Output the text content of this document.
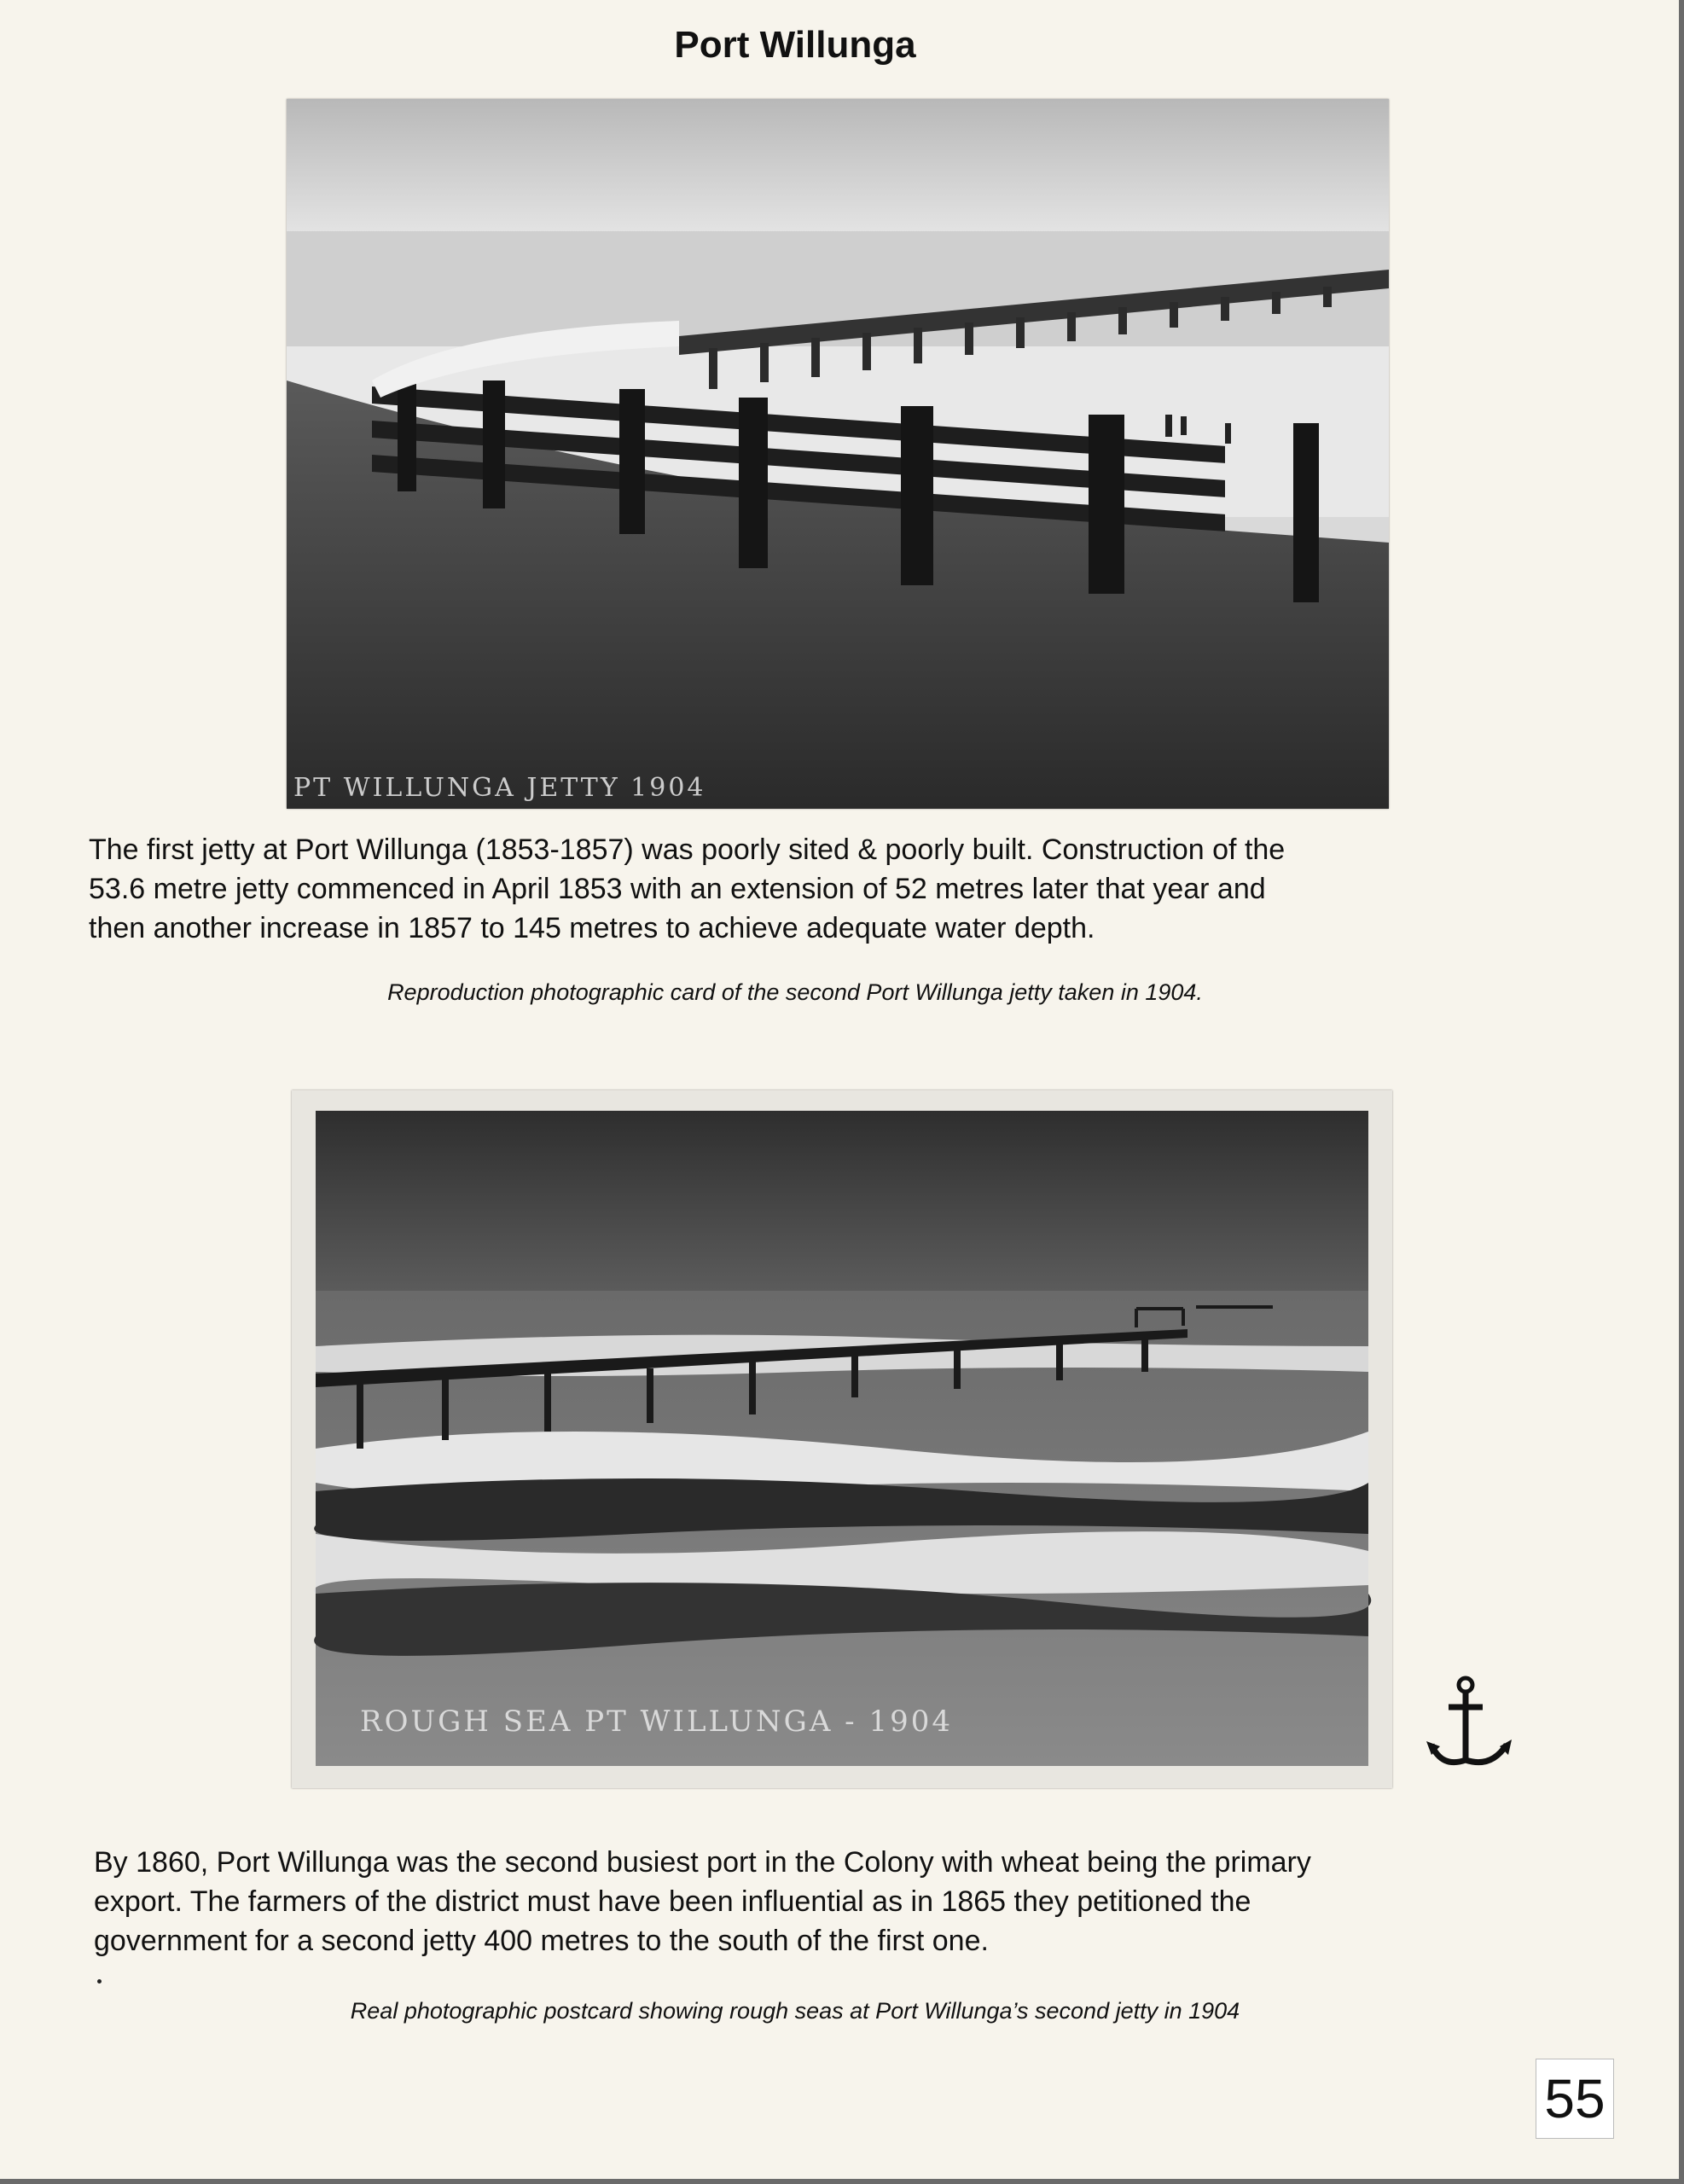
Port Willunga
PT WILLUNGA JETTY 1904
The first jetty at Port Willunga (1853-1857) was poorly sited & poorly built. Construction of the
53.6 metre jetty commenced in April 1853 with an extension of 52 metres later that year and
then another increase in 1857 to 145 metres to achieve adequate water depth.
Reproduction photographic card of the second Port Willunga jetty taken in 1904.
ROUGH SEA PT WILLUNGA - 1904
By 1860, Port Willunga was the second busiest port in the Colony with wheat being the primary
export. The farmers of the district must have been influential as in 1865 they petitioned the
government for a second jetty 400 metres to the south of the first one.
Real photographic postcard showing rough seas at Port Willunga’s second jetty in 1904
55
